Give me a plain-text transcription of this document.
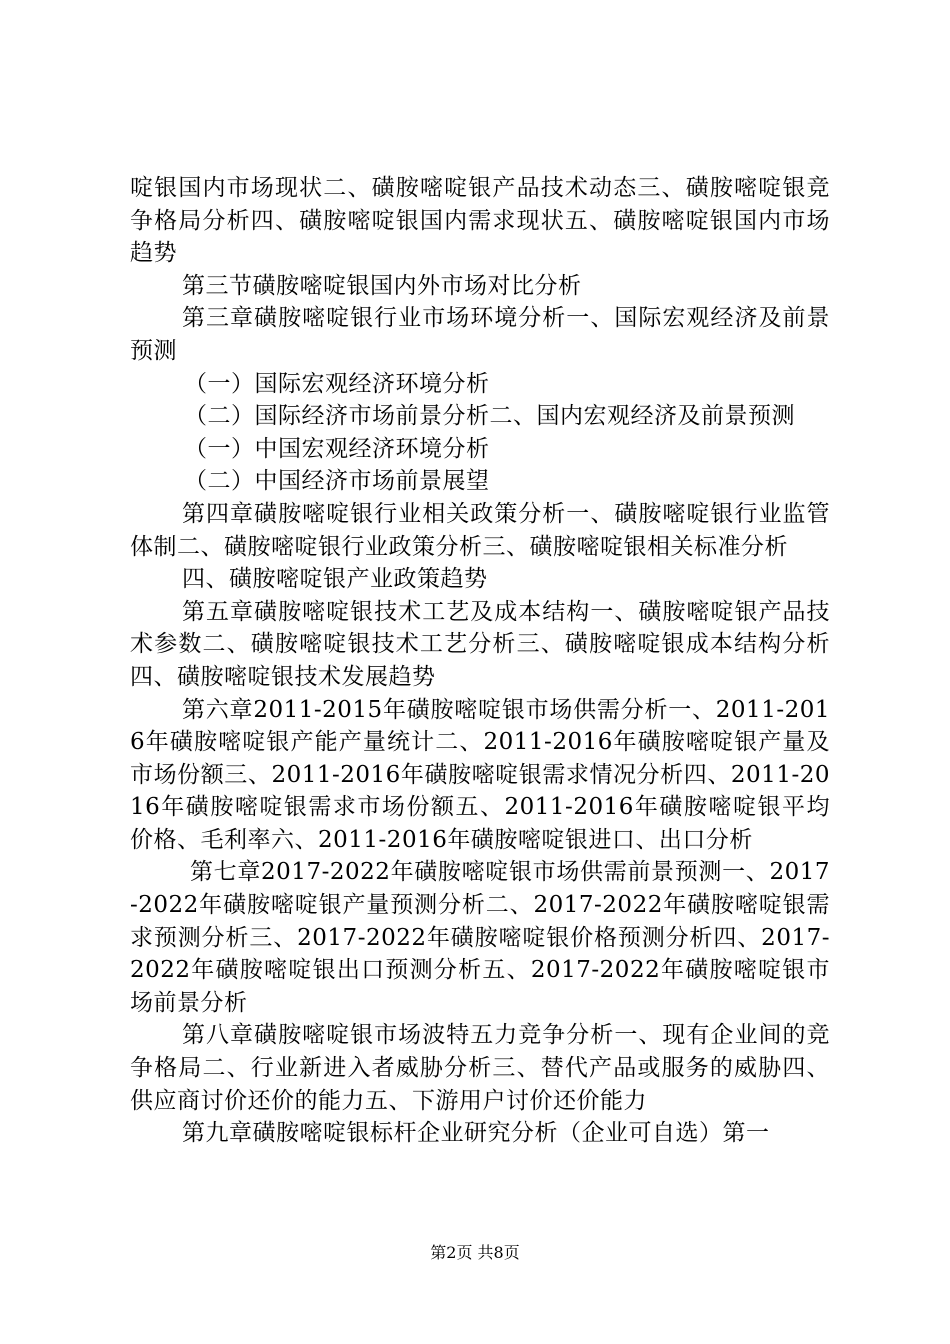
啶银国内市场现状二、磺胺嘧啶银产品技术动态三、磺胺嘧啶银竞争格局分析四、磺胺嘧啶银国内需求现状五、磺胺嘧啶银国内市场趋势

第三节磺胺嘧啶银国内外市场对比分析

第三章磺胺嘧啶银行业市场环境分析一、国际宏观经济及前景预测

（一）国际宏观经济环境分析

（二）国际经济市场前景分析二、国内宏观经济及前景预测

（一）中国宏观经济环境分析

（二）中国经济市场前景展望

第四章磺胺嘧啶银行业相关政策分析一、磺胺嘧啶银行业监管体制二、磺胺嘧啶银行业政策分析三、磺胺嘧啶银相关标准分析

四、磺胺嘧啶银产业政策趋势

第五章磺胺嘧啶银技术工艺及成本结构一、磺胺嘧啶银产品技术参数二、磺胺嘧啶银技术工艺分析三、磺胺嘧啶银成本结构分析四、磺胺嘧啶银技术发展趋势

第六章2011-2015年磺胺嘧啶银市场供需分析一、2011-2016年磺胺嘧啶银产能产量统计二、2011-2016年磺胺嘧啶银产量及市场份额三、2011-2016年磺胺嘧啶银需求情况分析四、2011-2016年磺胺嘧啶银需求市场份额五、2011-2016年磺胺嘧啶银平均价格、毛利率六、2011-2016年磺胺嘧啶银进口、出口分析

第七章2017-2022年磺胺嘧啶银市场供需前景预测一、2017-2022年磺胺嘧啶银产量预测分析二、2017-2022年磺胺嘧啶银需求预测分析三、2017-2022年磺胺嘧啶银价格预测分析四、2017-2022年磺胺嘧啶银出口预测分析五、2017-2022年磺胺嘧啶银市场前景分析

第八章磺胺嘧啶银市场波特五力竞争分析一、现有企业间的竞争格局二、行业新进入者威胁分析三、替代产品或服务的威胁四、供应商讨价还价的能力五、下游用户讨价还价能力

第九章磺胺嘧啶银标杆企业研究分析（企业可自选）第一

第2页 共8页
